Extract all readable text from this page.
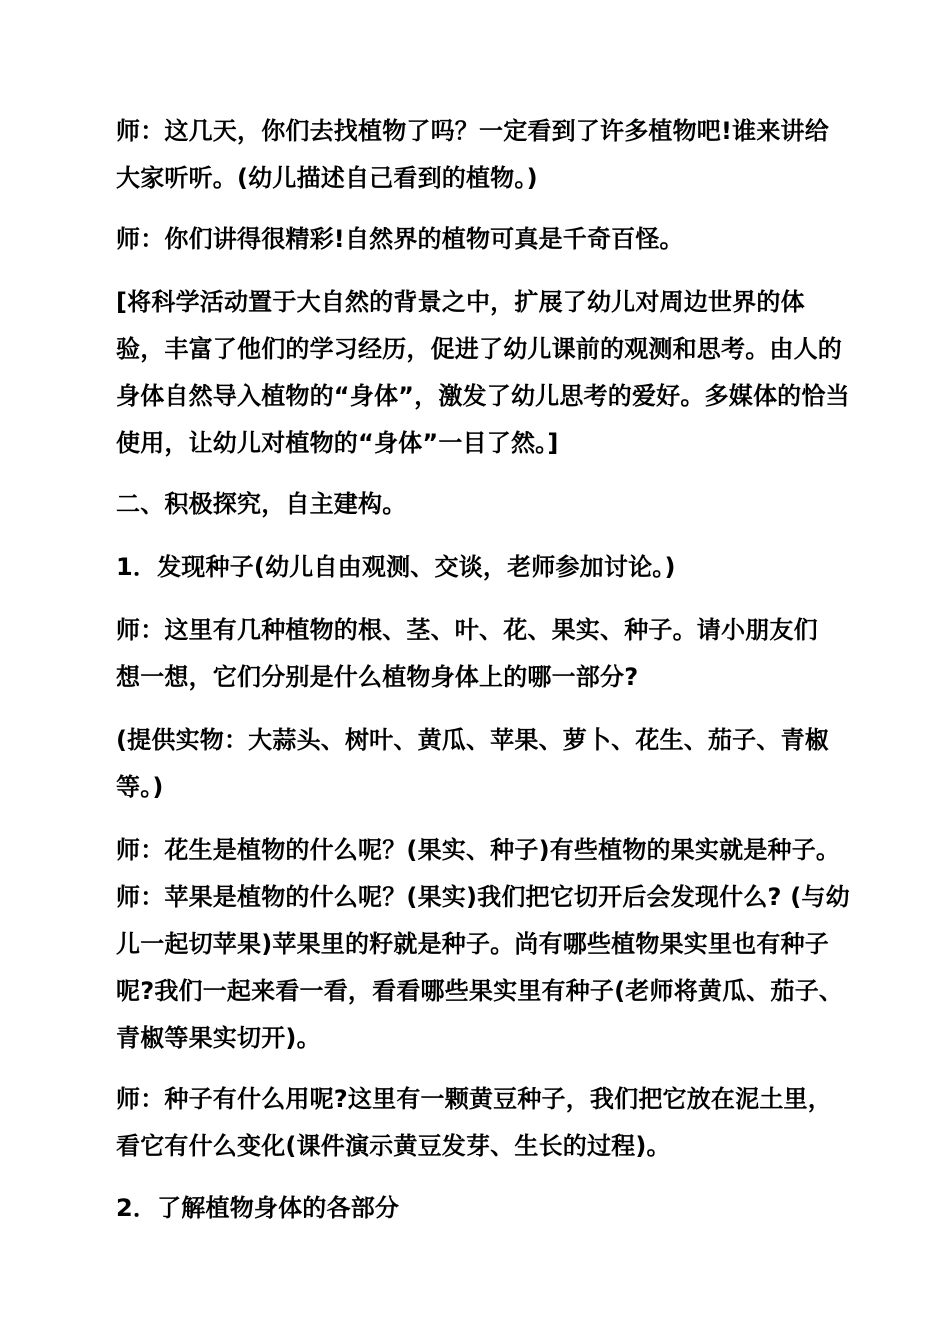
师：这几天，你们去找植物了吗？一定看到了许多植物吧!谁来讲给
大家听听。(幼儿描述自己看到的植物。)
师：你们讲得很精彩!自然界的植物可真是千奇百怪。
[将科学活动置于大自然的背景之中，扩展了幼儿对周边世界的体
验，丰富了他们的学习经历，促进了幼儿课前的观测和思考。由人的
身体自然导入植物的“身体”，激发了幼儿思考的爱好。多媒体的恰当
使用，让幼儿对植物的“身体”一目了然。]
二、积极探究，自主建构。
1．发现种子(幼儿自由观测、交谈，老师参加讨论。)
师：这里有几种植物的根、茎、叶、花、果实、种子。请小朋友们
想一想，它们分别是什么植物身体上的哪一部分?
(提供实物：大蒜头、树叶、黄瓜、苹果、萝卜、花生、茄子、青椒
等。)
师：花生是植物的什么呢？(果实、种子)有些植物的果实就是种子。
师：苹果是植物的什么呢？(果实)我们把它切开后会发现什么? (与幼
儿一起切苹果)苹果里的籽就是种子。尚有哪些植物果实里也有种子
呢?我们一起来看一看，看看哪些果实里有种子(老师将黄瓜、茄子、
青椒等果实切开)。
师：种子有什么用呢?这里有一颗黄豆种子，我们把它放在泥土里，
看它有什么变化(课件演示黄豆发芽、生长的过程)。
2．了解植物身体的各部分
